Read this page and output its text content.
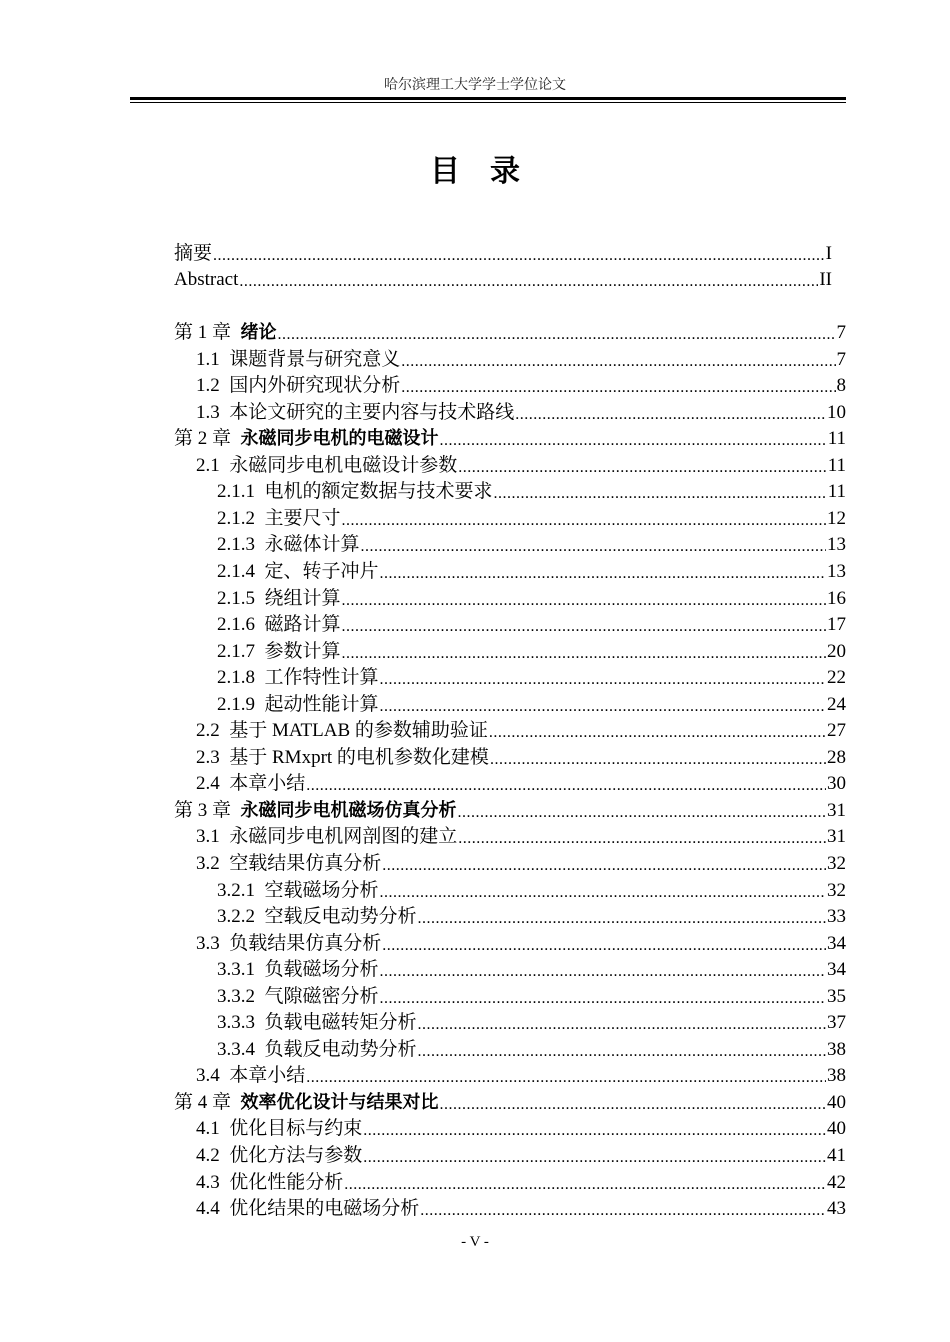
哈尔滨理工大学学士学位论文
目 录
摘要 .....	I
Abstract .....	II
第 1 章 绪论 .....	7
1.1 课题背景与研究意义 .....	7
1.2 国内外研究现状分析 .....	8
1.3 本论文研究的主要内容与技术路线 .....	10
第 2 章 永磁同步电机的电磁设计 .....	11
2.1 永磁同步电机电磁设计参数 .....	11
2.1.1 电机的额定数据与技术要求 .....	11
2.1.2 主要尺寸 .....	12
2.1.3 永磁体计算 .....	13
2.1.4 定、转子冲片 .....	13
2.1.5 绕组计算 .....	16
2.1.6 磁路计算 .....	17
2.1.7 参数计算 .....	20
2.1.8 工作特性计算 .....	22
2.1.9 起动性能计算 .....	24
2.2 基于 MATLAB 的参数辅助验证 .....	27
2.3 基于 RMxprt 的电机参数化建模 .....	28
2.4 本章小结 .....	30
第 3 章 永磁同步电机磁场仿真分析 .....	31
3.1 永磁同步电机网剖图的建立 .....	31
3.2 空载结果仿真分析 .....	32
3.2.1 空载磁场分析 .....	32
3.2.2 空载反电动势分析 .....	33
3.3 负载结果仿真分析 .....	34
3.3.1 负载磁场分析 .....	34
3.3.2 气隙磁密分析 .....	35
3.3.3 负载电磁转矩分析 .....	37
3.3.4 负载反电动势分析 .....	38
3.4 本章小结 .....	38
第 4 章 效率优化设计与结果对比 .....	40
4.1 优化目标与约束 .....	40
4.2 优化方法与参数 .....	41
4.3 优化性能分析 .....	42
4.4 优化结果的电磁场分析 .....	43
- V -
